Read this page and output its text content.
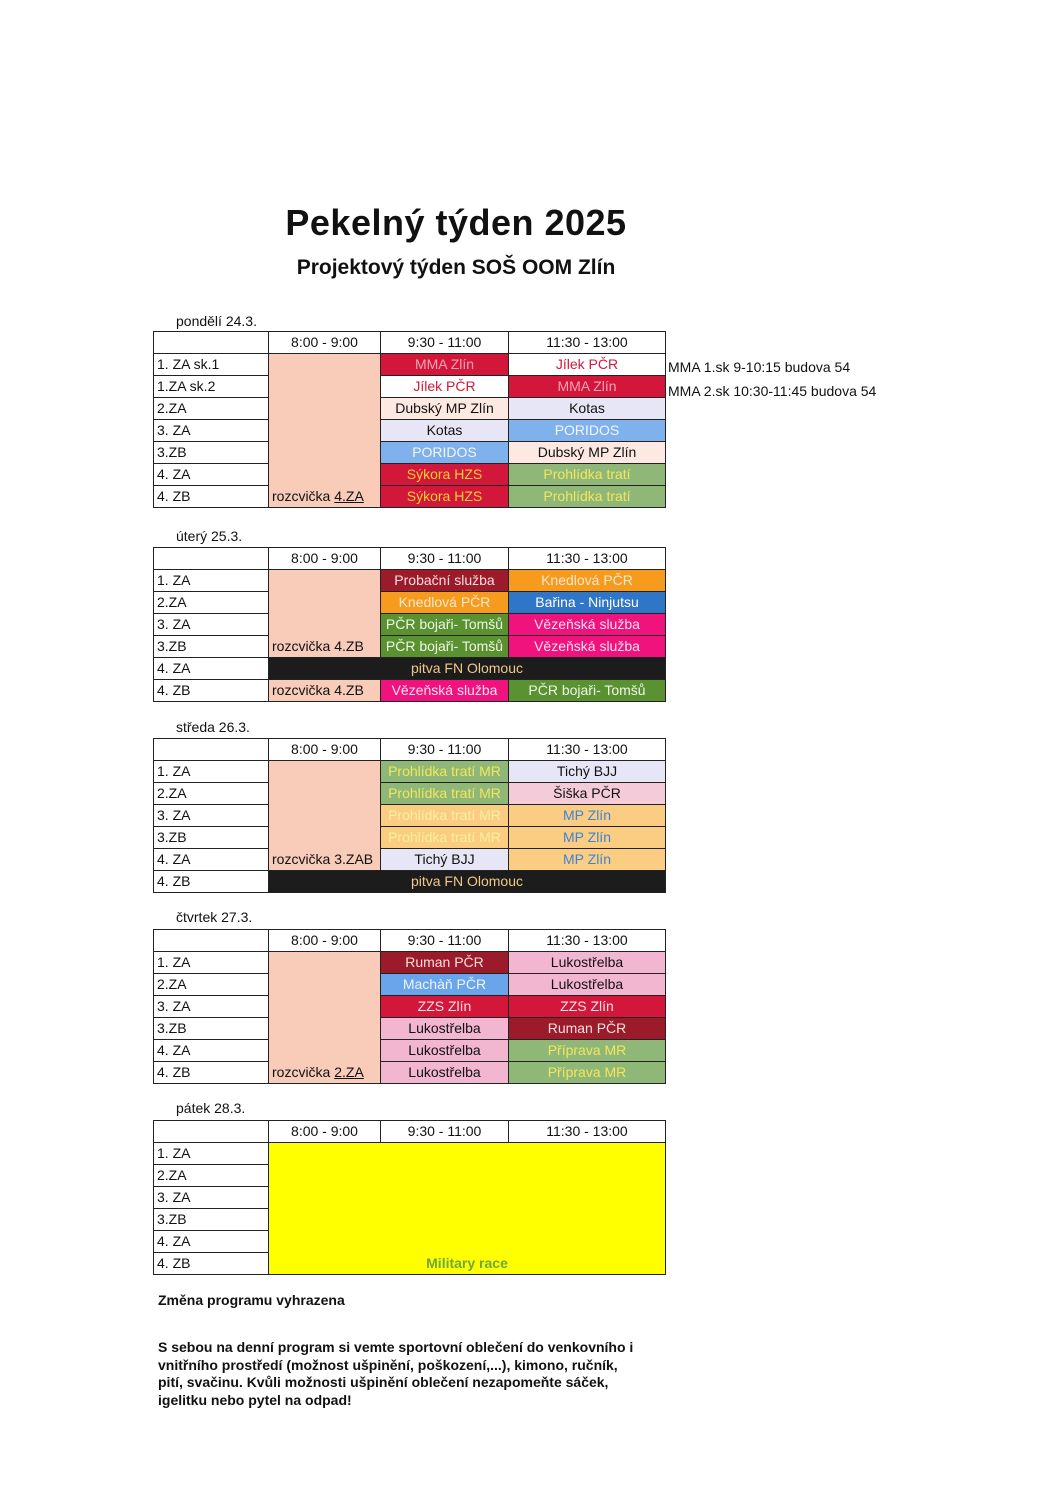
Pekelný týden 2025
Projektový týden SOŠ OOM Zlín
pondělí 24.3.
	8:00 - 9:00	9:30 - 11:00	11:30 - 13:00
1. ZA sk.1	rozcvička 4.ZA	MMA Zlín	Jílek PČR
1.ZA sk.2		Jílek PČR	MMA Zlín
2.ZA		Dubský MP Zlín	Kotas
3. ZA		Kotas	PORIDOS
3.ZB		PORIDOS	Dubský MP Zlín
4. ZA		Sýkora HZS	Prohlídka tratí
4. ZB		Sýkora HZS	Prohlídka tratí
MMA 1.sk 9-10:15 budova 54
MMA 2.sk 10:30-11:45 budova 54
úterý 25.3.
	8:00 - 9:00	9:30 - 11:00	11:30 - 13:00
1. ZA	rozcvička 4.ZB	Probační služba	Knedlová PČR
2.ZA		Knedlová PČR	Bařina - Ninjutsu
3. ZA		PČR bojaři- Tomšů	Vězeňská služba
3.ZB		PČR bojaři- Tomšů	Vězeňská služba
4. ZA	pitva FN Olomouc		
4. ZB	rozcvička 4.ZB	Vězeňská služba	PČR bojaři- Tomšů
středa 26.3.
	8:00 - 9:00	9:30 - 11:00	11:30 - 13:00
1. ZA	rozcvička 3.ZAB	Prohlídka tratí MR	Tichý BJJ
2.ZA		Prohlídka tratí MR	Šiška PČR
3. ZA		Prohlídka tratí MR	MP Zlín
3.ZB		Prohlídka tratí MR	MP Zlín
4. ZA		Tichý BJJ	MP Zlín
4. ZB	pitva FN Olomouc		
čtvrtek 27.3.
	8:00 - 9:00	9:30 - 11:00	11:30 - 13:00
1. ZA	rozcvička 2.ZA	Ruman PČR	Lukostřelba
2.ZA		Machàň PČR	Lukostřelba
3. ZA		ZZS Zlín	ZZS Zlín
3.ZB		Lukostřelba	Ruman PČR
4. ZA		Lukostřelba	Příprava MR
4. ZB		Lukostřelba	Příprava MR
pátek 28.3.
	8:00 - 9:00	9:30 - 11:00	11:30 - 13:00
1. ZA	Military race		
2.ZA			
3. ZA			
3.ZB			
4. ZA			
4. ZB			
Změna programu vyhrazena
S sebou na denní program si vemte sportovní oblečení do venkovního i
vnitřního prostředí (možnost ušpinění, poškození,...), kimono, ručník,
pití, svačinu. Kvůli možnosti ušpinění oblečení nezapomeňte sáček,
igelitku nebo pytel na odpad!
